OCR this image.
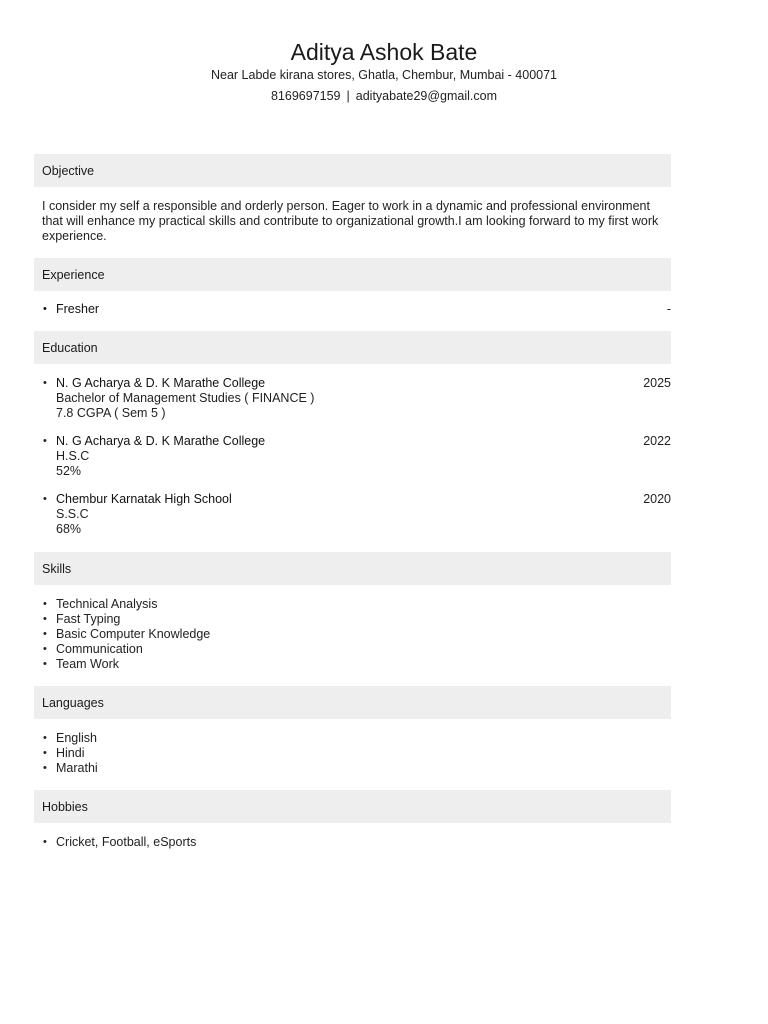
Aditya Ashok Bate
Near Labde kirana stores, Ghatla, Chembur, Mumbai - 400071
8169697159 | adityabate29@gmail.com
Objective
I consider my self a responsible and orderly person. Eager to work in a dynamic and professional environment that will enhance my practical skills and contribute to organizational growth.I am looking forward to my first work experience.
Experience
• Fresher	-
Education
• N. G Acharya & D. K Marathe College
Bachelor of Management Studies ( FINANCE )
7.8 CGPA ( Sem 5 )
2025
• N. G Acharya & D. K Marathe College
H.S.C
52%
2022
• Chembur Karnatak High School
S.S.C
68%
2020
Skills
• Technical Analysis
• Fast Typing
• Basic Computer Knowledge
• Communication
• Team Work
Languages
• English
• Hindi
• Marathi
Hobbies
• Cricket, Football, eSports
